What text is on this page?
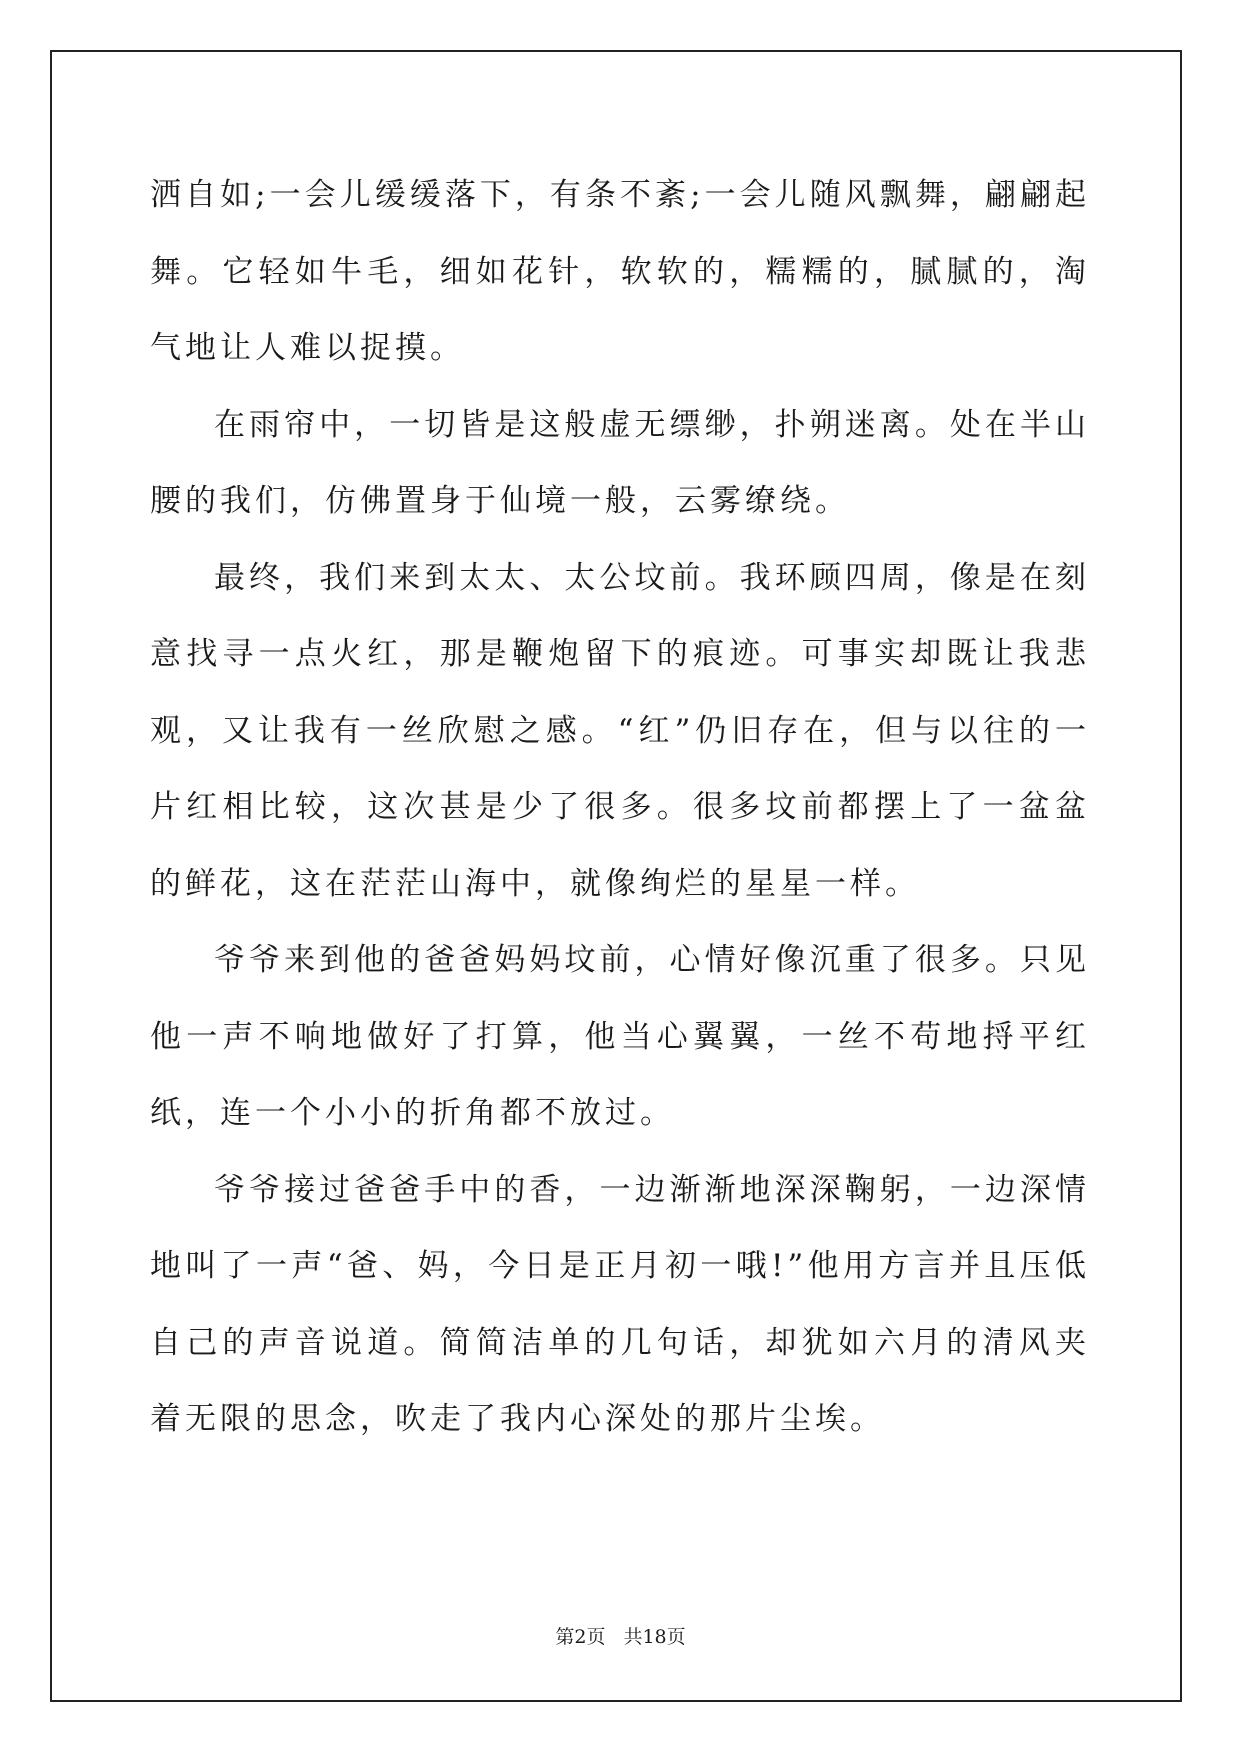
洒自如;一会儿缓缓落下，有条不紊;一会儿随风飘舞，翩翩起舞。它轻如牛毛，细如花针，软软的，糯糯的，腻腻的，淘气地让人难以捉摸。

在雨帘中，一切皆是这般虚无缥缈，扑朔迷离。处在半山腰的我们，仿佛置身于仙境一般，云雾缭绕。

最终，我们来到太太、太公坟前。我环顾四周，像是在刻意找寻一点火红，那是鞭炮留下的痕迹。可事实却既让我悲观，又让我有一丝欣慰之感。“红”仍旧存在，但与以往的一片红相比较，这次甚是少了很多。很多坟前都摆上了一盆盆的鲜花，这在茫茫山海中，就像绚烂的星星一样。

爷爷来到他的爸爸妈妈坟前，心情好像沉重了很多。只见他一声不响地做好了打算，他当心翼翼，一丝不苟地捋平红纸，连一个小小的折角都不放过。

爷爷接过爸爸手中的香，一边渐渐地深深鞠躬，一边深情地叫了一声“爸、妈，今日是正月初一哦!”他用方言并且压低自己的声音说道。简简洁单的几句话，却犹如六月的清风夹着无限的思念，吹走了我内心深处的那片尘埃。

第2页 共18页
